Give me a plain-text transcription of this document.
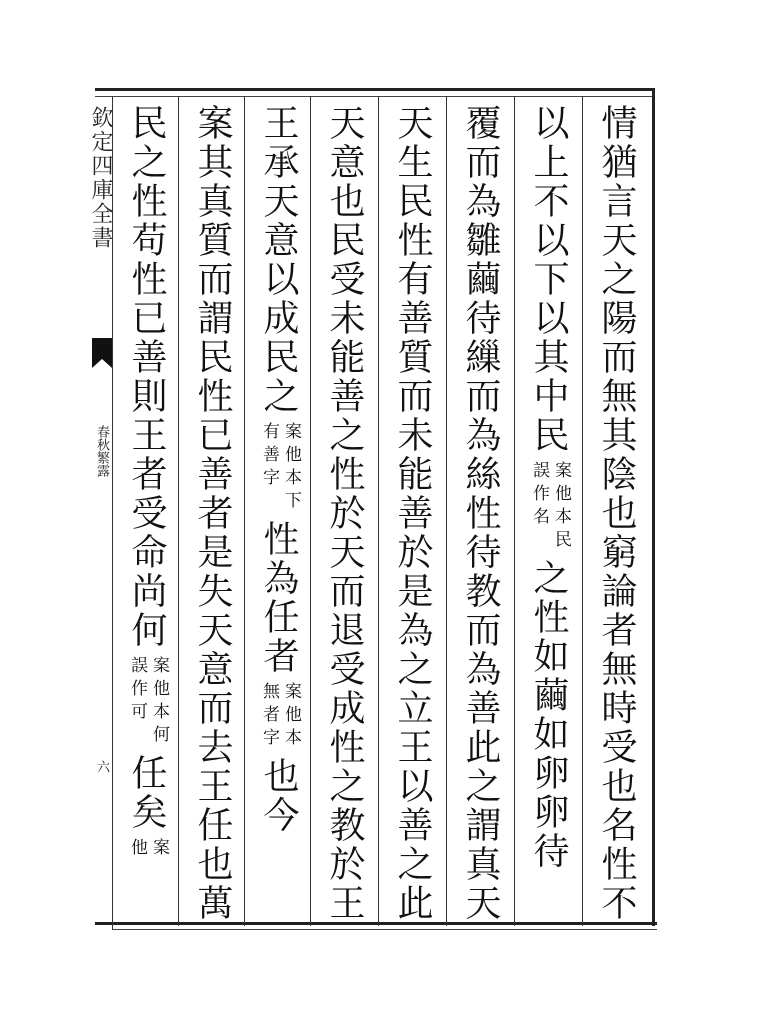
欽定四庫全書
春秋繁露
六	情猶言天之陽而無其陰也窮論者無時受也名性不
以上不以下以其中民
案他本民
誤作名
之性如繭如卵卵待
覆而為雛繭待繅而為絲性待教而為善此之謂真天
天生民性有善質而未能善於是為之立王以善之此
天意也民受未能善之性於天而退受成性之教於王
王承天意以成民之
案他本下
有善字
性為任者
案他本
無者字
也今
案其真質而謂民性已善者是失天意而去王任也萬
民之性苟性已善則王者受命尚何
案他本何
誤作可
任矣
案
他
